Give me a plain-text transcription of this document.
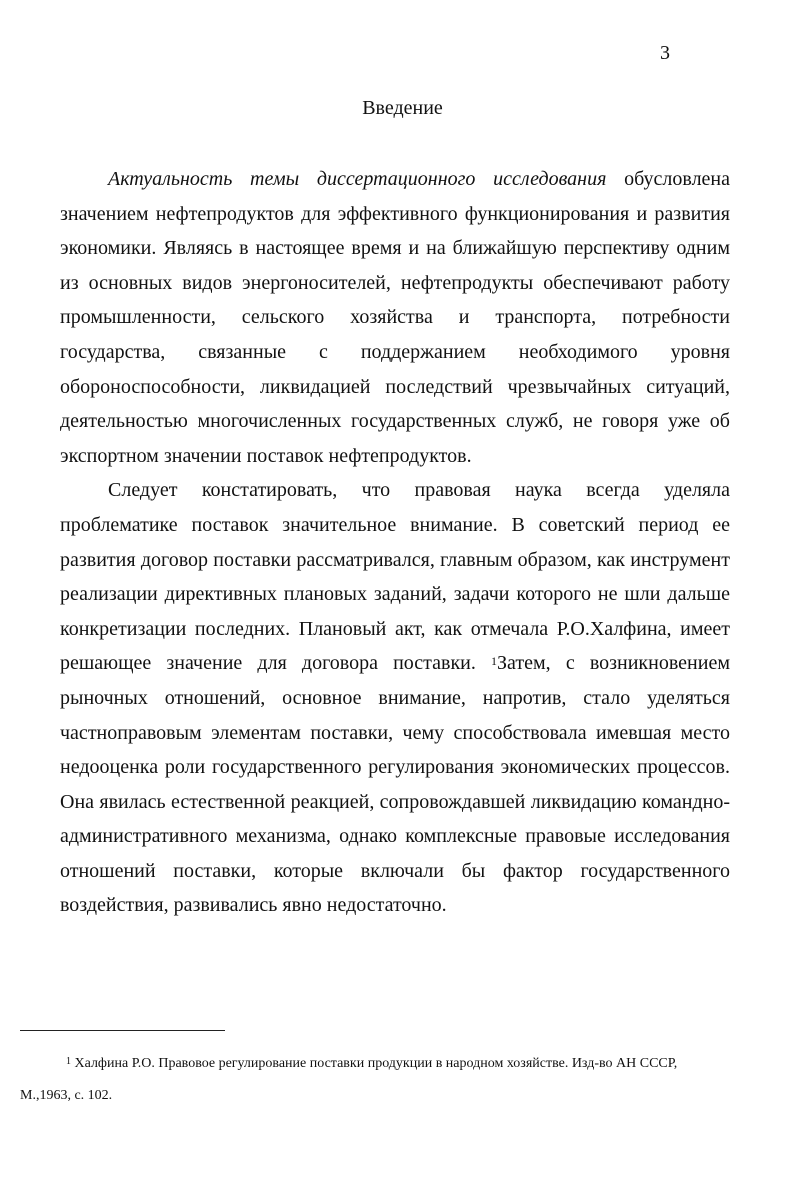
3
Введение

Актуальность темы диссертационного исследования обусловлена значением нефтепродуктов для эффективного функционирования и развития экономики. Являясь в настоящее время и на ближайшую перспективу одним из основных видов энергоносителей, нефтепродукты обеспечивают работу промышленности, сельского хозяйства и транспорта, потребности государства, связанные с поддержанием необходимого уровня обороноспособности, ликвидацией последствий чрезвычайных ситуаций, деятельностью многочисленных государственных служб, не говоря уже об экспортном значении поставок нефтепродуктов.

Следует констатировать, что правовая наука всегда уделяла проблематике поставок значительное внимание. В советский период ее развития договор поставки рассматривался, главным образом, как инструмент реализации директивных плановых заданий, задачи которого не шли дальше конкретизации последних. Плановый акт, как отмечала Р.О.Халфина, имеет решающее значение для договора поставки. $^1$Затем, с возникновением рыночных отношений, основное внимание, напротив, стало уделяться частноправовым элементам поставки, чему способствовала имевшая место недооценка роли государственного регулирования экономических процессов. Она явилась естественной реакцией, сопровождавшей ликвидацию командно-административного механизма, однако комплексные правовые исследования отношений поставки, которые включали бы фактор государственного воздействия, развивались явно недостаточно.

$^1$ Халфина Р.О. Правовое регулирование поставки продукции в народном хозяйстве. Изд-во АН СССР, М.,1963, с. 102.
